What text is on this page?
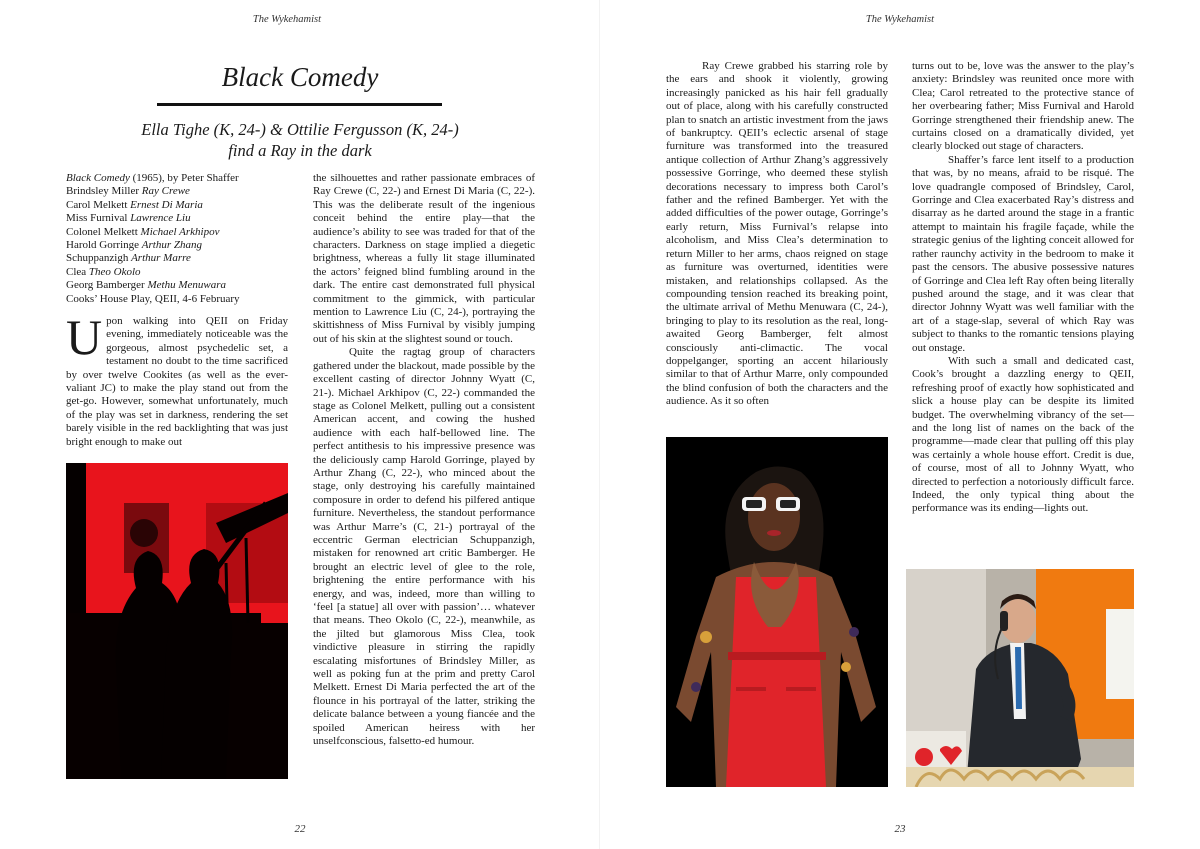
The Wykehamist
Black Comedy
Ella Tighe (K, 24-) & Ottilie Fergusson (K, 24-)
find a Ray in the dark
Black Comedy (1965), by Peter Shaffer
Brindsley Miller Ray Crewe
Carol Melkett Ernest Di Maria
Miss Furnival Lawrence Liu
Colonel Melkett Michael Arkhipov
Harold Gorringe Arthur Zhang
Schuppanzigh Arthur Marre
Clea Theo Okolo
Georg Bamberger Methu Menuwara
Cooks’ House Play, QEII, 4-6 February

Upon walking into QEII on Friday evening, immediately noticeable was the gorgeous, almost psychedelic set, a testament no doubt to the time sacrificed by over twelve Cookites (as well as the ever-valiant JC) to make the play stand out from the get-go. However, somewhat unfortunately, much of the play was set in darkness, rendering the set barely visible in the red backlighting that was just bright enough to make out

the silhouettes and rather passionate embraces of Ray Crewe (C, 22-) and Ernest Di Maria (C, 22-). This was the deliberate result of the ingenious conceit behind the entire play—that the audience’s ability to see was traded for that of the characters. Darkness on stage implied a diegetic brightness, whereas a fully lit stage illuminated the actors’ feigned blind fumbling around in the dark. The entire cast demonstrated full physical commitment to the gimmick, with particular mention to Lawrence Liu (C, 24-), portraying the skittishness of Miss Furnival by visibly jumping out of his skin at the slightest sound or touch.

Quite the ragtag group of characters gathered under the blackout, made possible by the excellent casting of director Johnny Wyatt (C, 21-). Michael Arkhipov (C, 22-) commanded the stage as Colonel Melkett, pulling out a consistent American accent, and cowing the hushed audience with each half-bellowed line. The perfect antithesis to his impressive presence was the deliciously camp Harold Gorringe, played by Arthur Zhang (C, 22-), who minced about the stage, only destroying his carefully maintained composure in order to defend his pilfered antique furniture. Nevertheless, the standout performance was Arthur Marre’s (C, 21-) portrayal of the eccentric German electrician Schuppanzigh, mistaken for renowned art critic Bamberger. He brought an electric level of glee to the role, brightening the entire performance with his energy, and was, indeed, more than willing to ‘feel [a statue] all over with passion’… whatever that means. Theo Okolo (C, 22-), meanwhile, as the jilted but glamorous Miss Clea, took vindictive pleasure in stirring the rapidly escalating misfortunes of Brindsley Miller, as well as poking fun at the prim and pretty Carol Melkett. Ernest Di Maria perfected the art of the flounce in his portrayal of the latter, striking the delicate balance between a young fiancée and the spoiled American heiress with her unselfconscious, falsetto-ed humour.

22
The Wykehamist

Ray Crewe grabbed his starring role by the ears and shook it violently, growing increasingly panicked as his hair fell gradually out of place, along with his carefully constructed plan to snatch an artistic investment from the jaws of bankruptcy. QEII’s eclectic arsenal of stage furniture was transformed into the treasured antique collection of Arthur Zhang’s aggressively possessive Gorringe, who deemed these stylish decorations necessary to impress both Carol’s father and the refined Bamberger. Yet with the added difficulties of the power outage, Gorringe’s early return, Miss Furnival’s relapse into alcoholism, and Miss Clea’s determination to return Miller to her arms, chaos reigned on stage as furniture was overturned, identities were mistaken, and relationships collapsed. As the compounding tension reached its breaking point, the ultimate arrival of Methu Menuwara (C, 24-), bringing to play to its resolution as the real, long-awaited Georg Bamberger, felt almost consciously anti-climactic. The vocal doppelganger, sporting an accent hilariously similar to that of Arthur Marre, only compounded the blind confusion of both the characters and the audience. As it so often

turns out to be, love was the answer to the play’s anxiety: Brindsley was reunited once more with Clea; Carol retreated to the protective stance of her overbearing father; Miss Furnival and Harold Gorringe strengthened their friendship anew. The curtains closed on a dramatically divided, yet clearly blocked out stage of characters.

Shaffer’s farce lent itself to a production that was, by no means, afraid to be risqué. The love quadrangle composed of Brindsley, Carol, Gorringe and Clea exacerbated Ray’s distress and disarray as he darted around the stage in a frantic attempt to maintain his fragile façade, while the strategic genius of the lighting conceit allowed for rather raunchy activity in the bedroom to make it past the censors. The abusive possessive natures of Gorringe and Clea left Ray often being literally pushed around the stage, and it was clear that director Johnny Wyatt was well familiar with the art of a stage-slap, several of which Ray was subject to thanks to the romantic tensions playing out onstage.

With such a small and dedicated cast, Cook’s brought a dazzling energy to QEII, refreshing proof of exactly how sophisticated and slick a house play can be despite its limited budget. The overwhelming vibrancy of the set—and the long list of names on the back of the programme—made clear that pulling off this play was certainly a whole house effort. Credit is due, of course, most of all to Johnny Wyatt, who directed to perfection a notoriously difficult farce. Indeed, the only typical thing about the performance was its ending—lights out.

23
